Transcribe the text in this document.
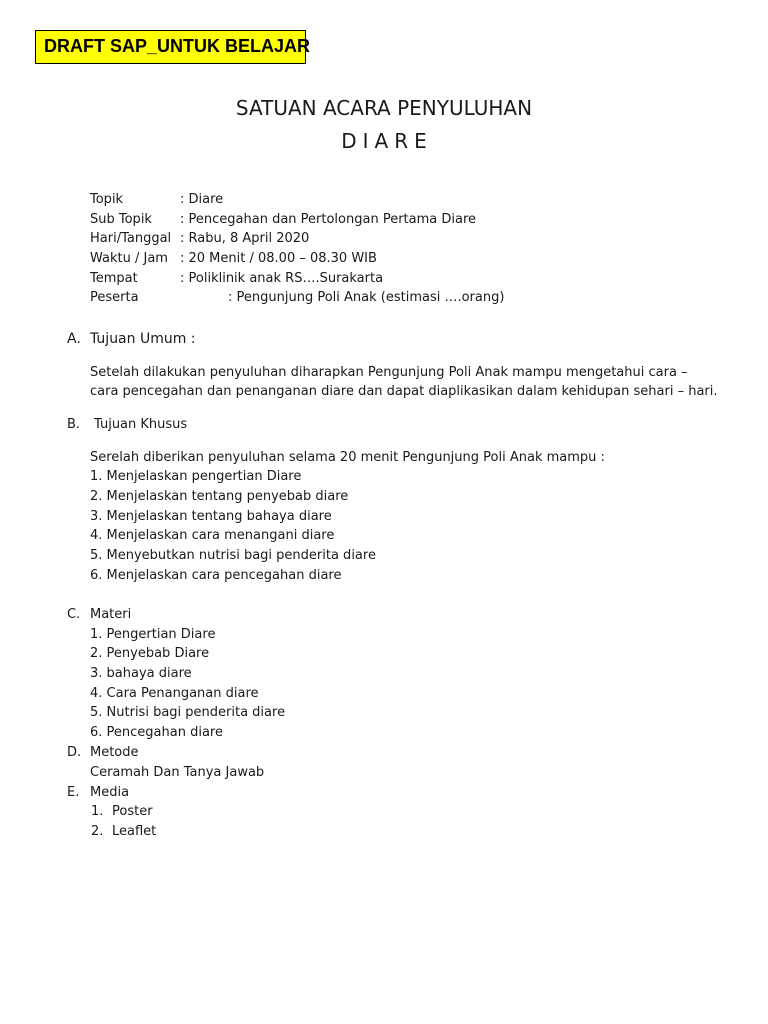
DRAFT SAP_UNTUK BELAJAR
SATUAN ACARA PENYULUHAN
DIARE
Topik	: Diare
Sub Topik : Pencegahan dan Pertolongan Pertama Diare
Hari/Tanggal : Rabu, 8 April 2020
Waktu / Jam : 20 Menit / 08.00 – 08.30 WIB
Tempat	: Poliklinik anak RS….Surakarta
Peserta	: Pengunjung Poli Anak (estimasi ….orang)
A. Tujuan Umum :
Setelah dilakukan penyuluhan diharapkan Pengunjung Poli Anak mampu mengetahui cara –
cara pencegahan dan penanganan diare dan dapat diaplikasikan dalam kehidupan sehari – hari.
B. Tujuan Khusus
Serelah diberikan penyuluhan selama 20 menit Pengunjung Poli Anak mampu :
1. Menjelaskan pengertian Diare
2. Menjelaskan tentang penyebab diare
3. Menjelaskan tentang bahaya diare
4. Menjelaskan cara menangani diare
5. Menyebutkan nutrisi bagi penderita diare
6. Menjelaskan cara pencegahan diare
C. Materi
1. Pengertian Diare
2. Penyebab Diare
3. bahaya diare
4. Cara Penanganan diare
5. Nutrisi bagi penderita diare
6. Pencegahan diare
D. Metode
Ceramah Dan Tanya Jawab
E. Media
1. Poster
2. Leaflet
